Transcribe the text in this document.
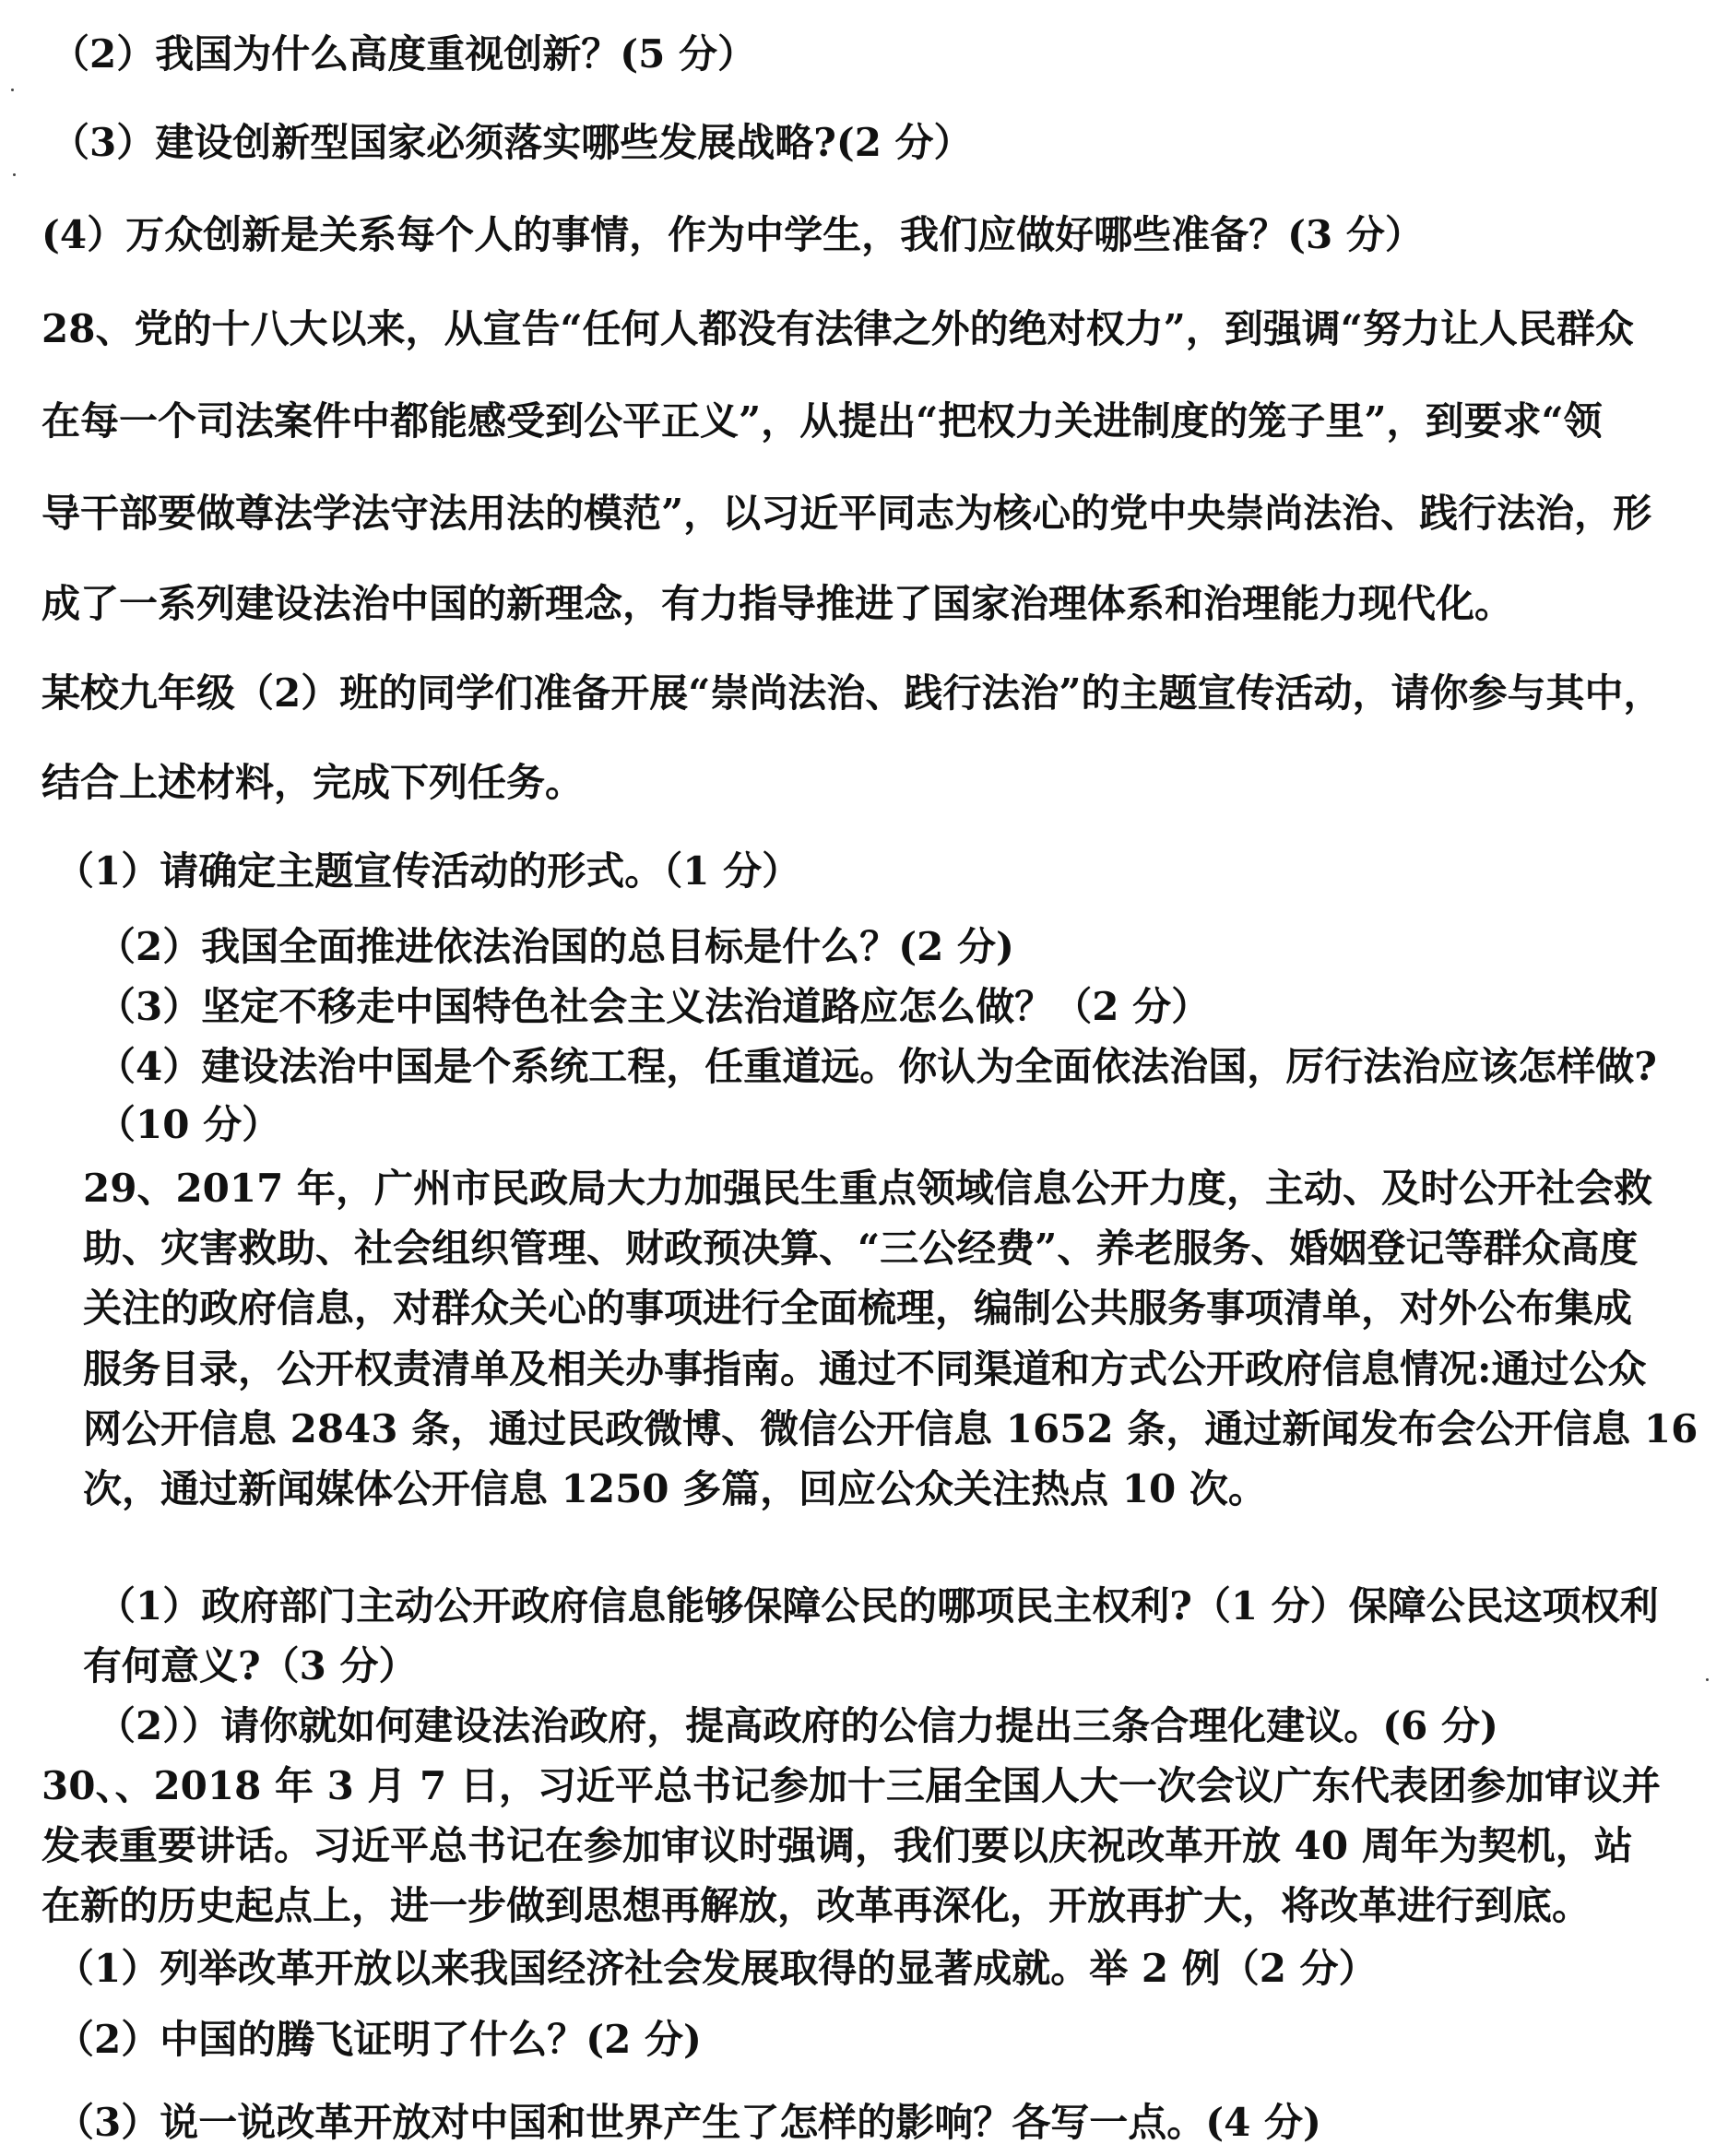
（2）我国为什么高度重视创新？(5 分）
（3）建设创新型国家必须落实哪些发展战略?(2 分）
(4）万众创新是关系每个人的事情，作为中学生，我们应做好哪些准备？(3 分）
28、党的十八大以来，从宣告“任何人都没有法律之外的绝对权力”，到强调“努力让人民群众
在每一个司法案件中都能感受到公平正义”，从提出“把权力关进制度的笼子里”，到要求“领
导干部要做尊法学法守法用法的模范”，以习近平同志为核心的党中央崇尚法治、践行法治，形
成了一系列建设法治中国的新理念，有力指导推进了国家治理体系和治理能力现代化。
某校九年级（2）班的同学们准备开展“崇尚法治、践行法治”的主题宣传活动，请你参与其中，
结合上述材料，完成下列任务。
（1）请确定主题宣传活动的形式。（1 分）
（2）我国全面推进依法治国的总目标是什么？(2 分)
（3）坚定不移走中国特色社会主义法治道路应怎么做？（2 分）
（4）建设法治中国是个系统工程，任重道远。你认为全面依法治国，厉行法治应该怎样做?
（10 分）
29、2017 年，广州市民政局大力加强民生重点领域信息公开力度，主动、及时公开社会救
助、灾害救助、社会组织管理、财政预决算、“三公经费”、养老服务、婚姻登记等群众高度
关注的政府信息，对群众关心的事项进行全面梳理，编制公共服务事项清单，对外公布集成
服务目录，公开权责清单及相关办事指南。通过不同渠道和方式公开政府信息情况:通过公众
网公开信息 2843 条，通过民政微博、微信公开信息 1652 条，通过新闻发布会公开信息 16
次，通过新闻媒体公开信息 1250 多篇，回应公众关注热点 10 次。
（1）政府部门主动公开政府信息能够保障公民的哪项民主权利?（1 分）保障公民这项权利
有何意义?（3 分）
（2））请你就如何建设法治政府，提高政府的公信力提出三条合理化建议。(6 分)
30、、2018 年 3 月 7 日，习近平总书记参加十三届全国人大一次会议广东代表团参加审议并
发表重要讲话。习近平总书记在参加审议时强调，我们要以庆祝改革开放 40 周年为契机，站
在新的历史起点上，进一步做到思想再解放，改革再深化，开放再扩大，将改革进行到底。
（1）列举改革开放以来我国经济社会发展取得的显著成就。举 2 例（2 分）
（2）中国的腾飞证明了什么？(2 分)
（3）说一说改革开放对中国和世界产生了怎样的影响？各写一点。(4 分)
